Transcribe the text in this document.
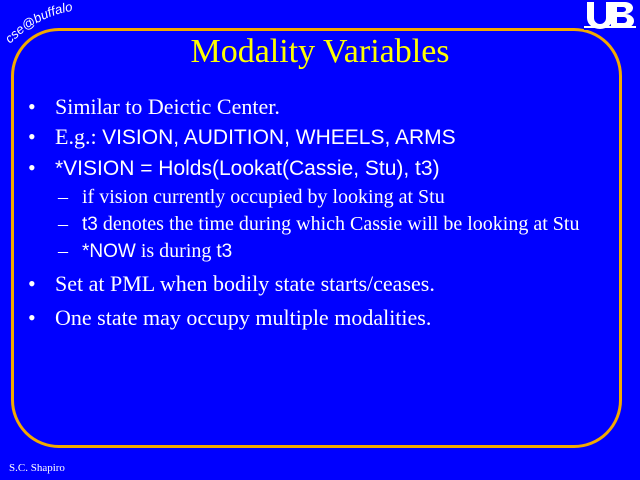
cse@buffalo
Modality Variables
• Similar to Deictic Center.
• E.g.: VISION, AUDITION, WHEELS, ARMS
• *VISION = Holds(Lookat(Cassie, Stu), t3)
– if vision currently occupied by looking at Stu
– t3 denotes the time during which Cassie will be looking at Stu
– *NOW is during t3
• Set at PML when bodily state starts/ceases.
• One state may occupy multiple modalities.
S.C. Shapiro
